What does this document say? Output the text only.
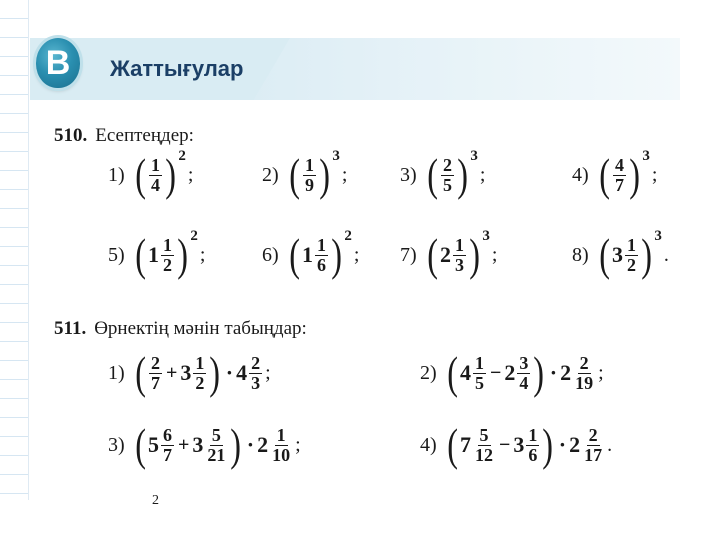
В	Жаттығулар
510. Есептеңдер:
1) ( $\frac{1}{4}$ ) 2
;	2) ( $\frac{1}{9}$ ) 3
;	3) ( $\frac{2}{5}$ ) 3
;	4) ( $\frac{4}{7}$ ) 3
;
5) ( $1 \frac{1}{2}$ ) 2
;	6) ( $1 \frac{1}{6}$ ) 2
; 7) ( $2 \frac{1}{3}$ ) 3
;	8) ( $3 \frac{1}{2}$ ) 3
.
511. Өрнектің мәнін табыңдар:
1) ( $\frac{2}{7} + 3 \frac{1}{2}$ ) · $4 \frac{2}{3}$ ;	2) ( $4 \frac{1}{5} - 2 \frac{3}{4}$ ) · $2 \frac{2}{19}$ ;
3) ( $5 \frac{6}{7} + 3 \frac{5}{21}$ ) · $2 \frac{1}{10}$ ;	4) ( $7 \frac{5}{12} - 3 \frac{1}{6}$ ) · $2 \frac{2}{17}$ .
2
